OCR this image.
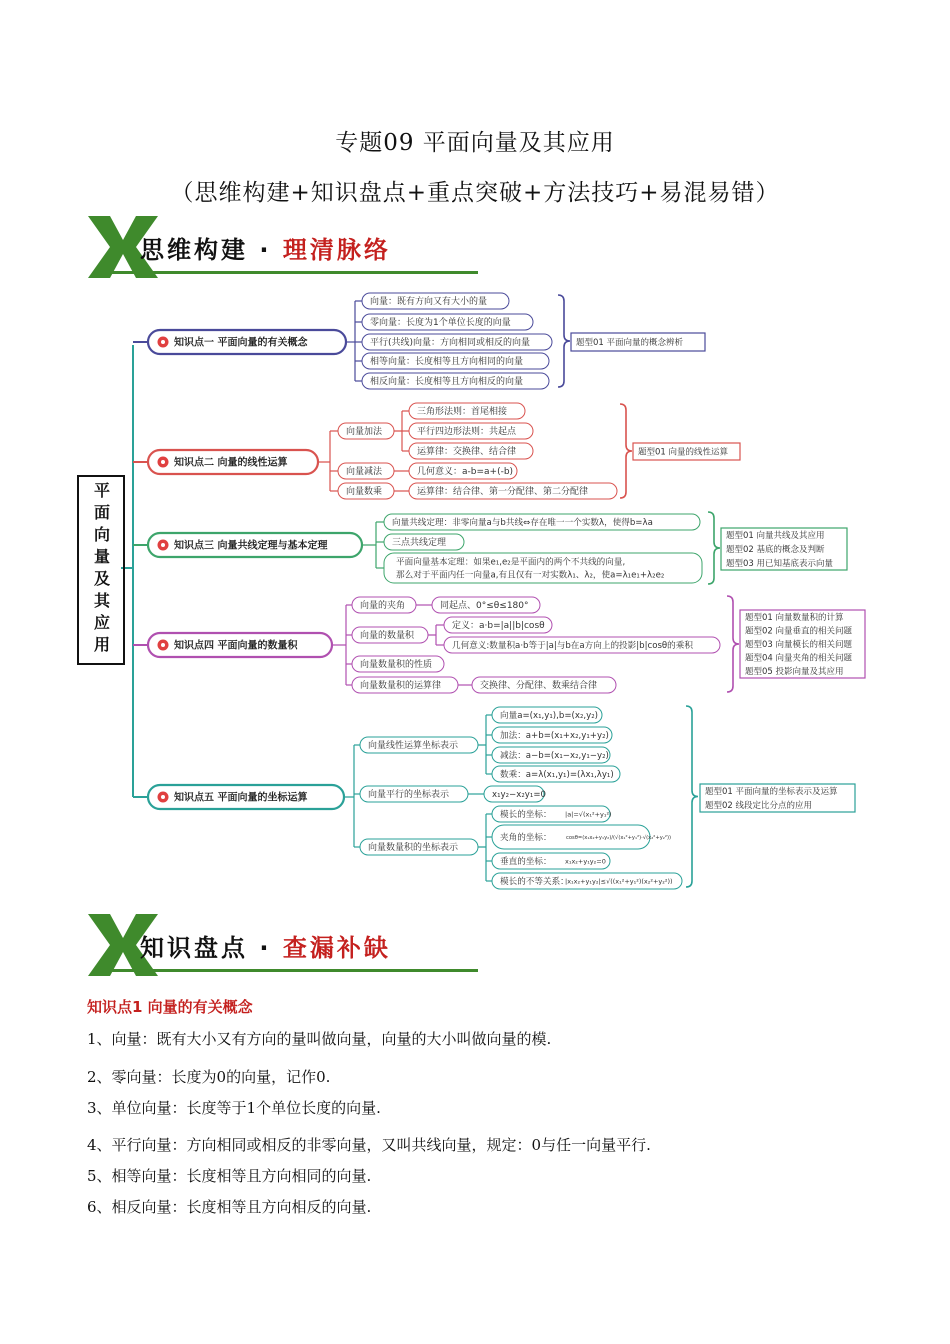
专题09 平面向量及其应用
（思维构建+知识盘点+重点突破+方法技巧+易混易错）
思维构建 · 理清脉络
知识点一 平面向量的有关概念
向量：既有方向又有大小的量
零向量：长度为1个单位长度的向量
平行(共线)向量：方向相同或相反的向量
相等向量：长度相等且方向相同的向量
相反向量：长度相等且方向相反的向量
题型01 平面向量的概念辨析
知识点二 向量的线性运算
向量加法
向量减法
向量数乘
三角形法则：首尾相接
平行四边形法则：共起点
运算律：交换律、结合律
几何意义：a-b=a+(-b)
运算律：结合律、第一分配律、第二分配律
题型01 向量的线性运算
知识点三 向量共线定理与基本定理
向量共线定理：非零向量a与b共线⇔存在唯一一个实数λ，使得b=λa
三点共线定理
平面向量基本定理：如果e₁,e₂是平面内的两个不共线的向量,
那么对于平面内任一向量a,有且仅有一对实数λ₁、λ₂，使a=λ₁e₁+λ₂e₂
题型01 向量共线及其应用
题型02 基底的概念及判断
题型03 用已知基底表示向量
知识点四 平面向量的数量积
向量的夹角
向量的数量积
向量数量积的性质
向量数量积的运算律
同起点、0°≤θ≤180°
定义：a·b=|a||b|cosθ
几何意义:数量积a·b等于|a|与b在a方向上的投影|b|cosθ的乘积
交换律、分配律、数乘结合律
题型01 向量数量积的计算
题型02 向量垂直的相关问题
题型03 向量模长的相关问题
题型04 向量夹角的相关问题
题型05 投影向量及其应用
知识点五 平面向量的坐标运算
向量线性运算坐标表示
向量平行的坐标表示
向量数量积的坐标表示
向量a=(x₁,y₁),b=(x₂,y₂)
加法：a+b=(x₁+x₂,y₁+y₂)
减法：a−b=(x₁−x₂,y₁−y₂)
数乘：a=λ(x₁,y₁)=(λx₁,λy₁)
x₁y₂−x₂y₁=0
模长的坐标： |a|=√(x₁²+y₁²)
夹角的坐标：	cosθ=(x₁x₂+y₁y₂)/(√(x₁²+y₁²)·√(x₂²+y₂²))
垂直的坐标： x₁x₂+y₁y₂=0
模长的不等关系：
|x₁x₂+y₁y₂|≤√((x₁²+y₁²)(x₂²+y₂²))
题型01 平面向量的坐标表示及运算
题型02 线段定比分点的应用
平面向量及其应用
知识盘点 · 查漏补缺
知识点1 向量的有关概念
1、向量：既有大小又有方向的量叫做向量，向量的大小叫做向量的模.
2、零向量：长度为0的向量，记作0.
3、单位向量：长度等于1个单位长度的向量.
4、平行向量：方向相同或相反的非零向量，又叫共线向量，规定：0与任一向量平行.
5、相等向量：长度相等且方向相同的向量.
6、相反向量：长度相等且方向相反的向量.
